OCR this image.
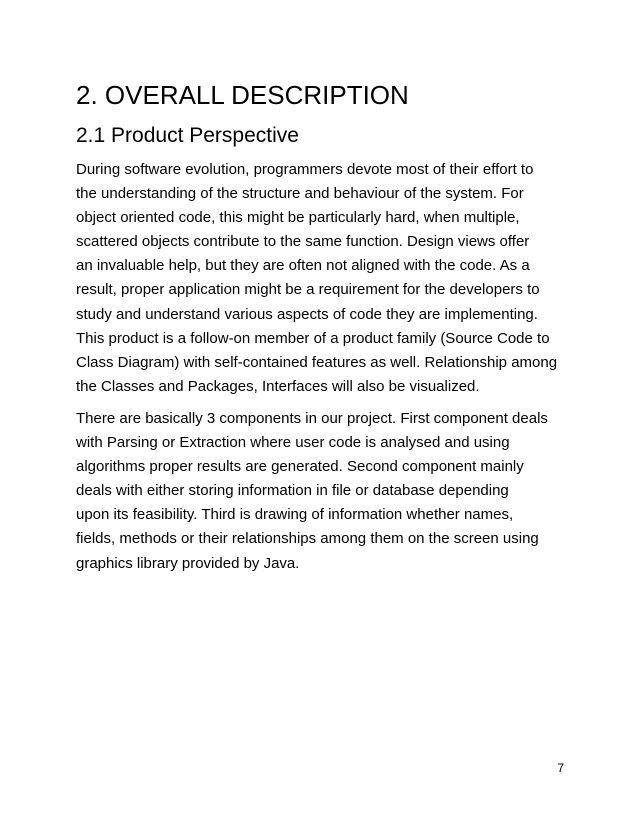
2. OVERALL DESCRIPTION
2.1 Product Perspective

During software evolution, programmers devote most of their effort to
the understanding of the structure and behaviour of the system. For
object oriented code, this might be particularly hard, when multiple,
scattered objects contribute to the same function. Design views offer
an invaluable help, but they are often not aligned with the code. As a
result, proper application might be a requirement for the developers to
study and understand various aspects of code they are implementing.
This product is a follow-on member of a product family (Source Code to
Class Diagram) with self-contained features as well. Relationship among
the Classes and Packages, Interfaces will also be visualized.

There are basically 3 components in our project. First component deals
with Parsing or Extraction where user code is analysed and using
algorithms proper results are generated. Second component mainly
deals with either storing information in file or database depending
upon its feasibility. Third is drawing of information whether names,
fields, methods or their relationships among them on the screen using
graphics library provided by Java.

7
